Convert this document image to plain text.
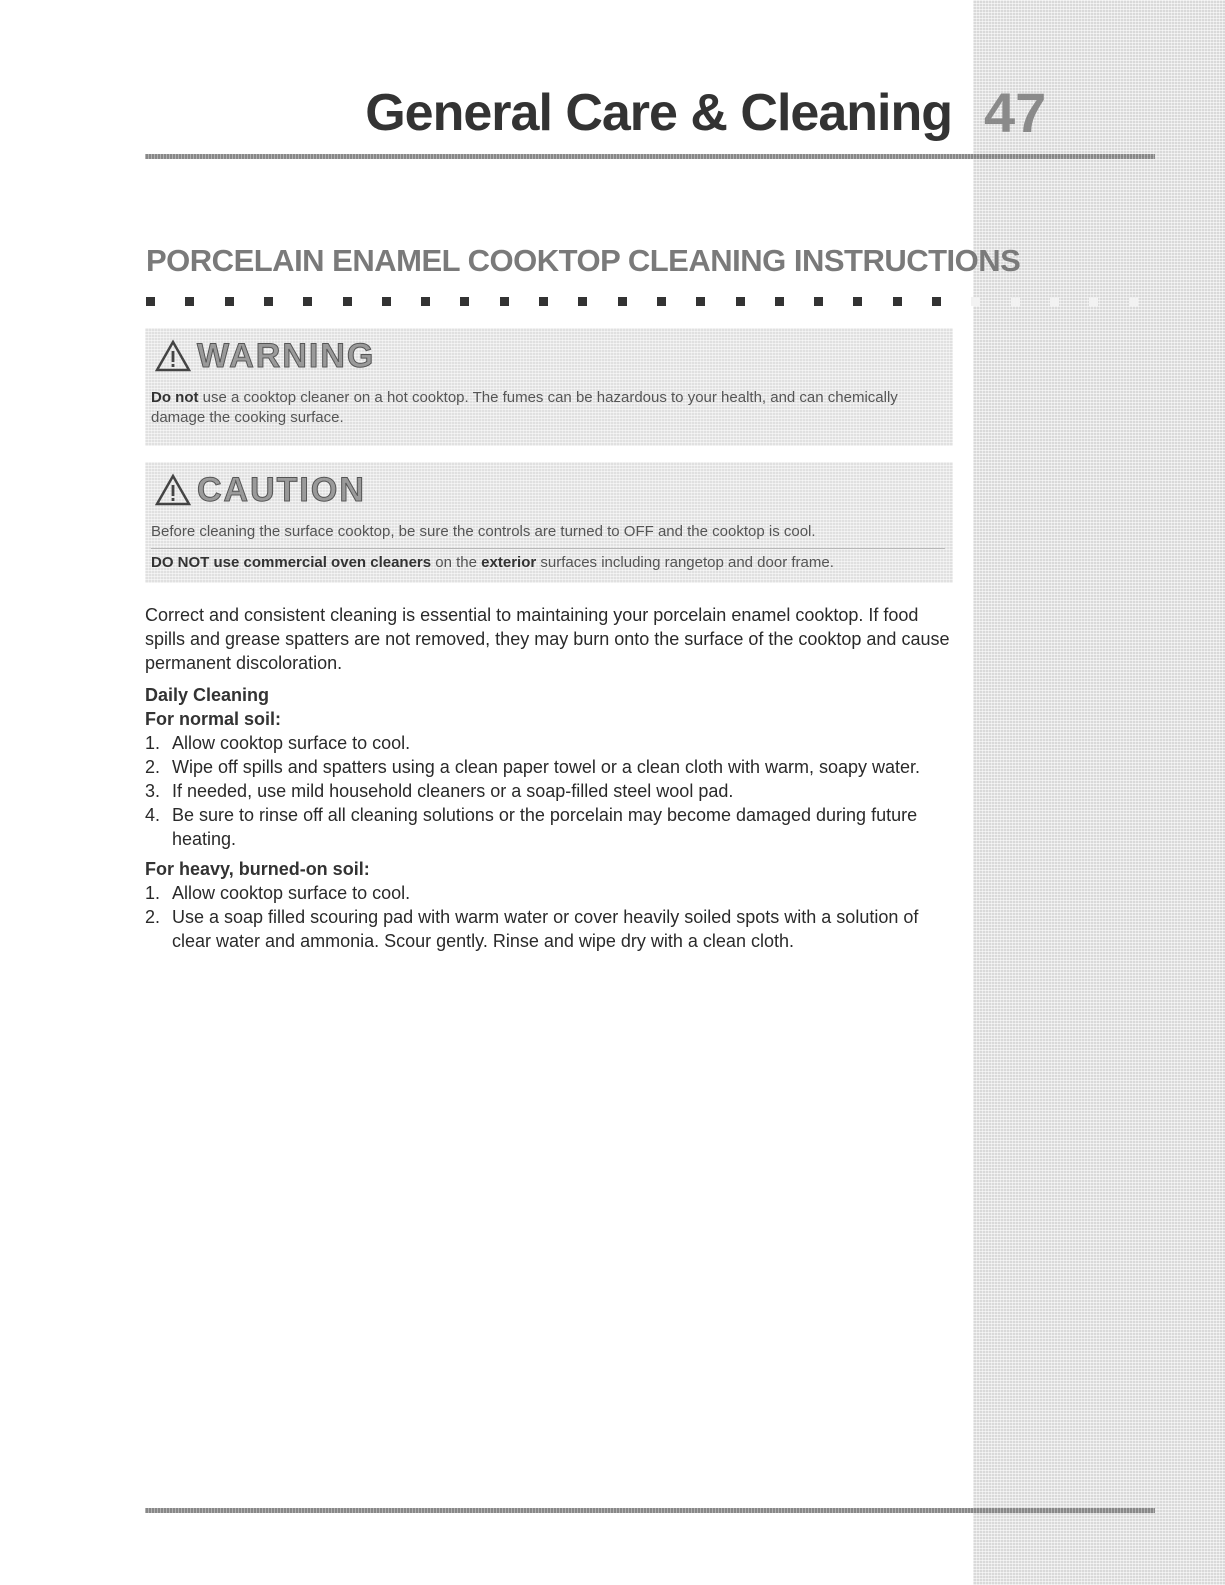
General Care & Cleaning 47
PORCELAIN ENAMEL COOKTOP CLEANING INSTRUCTIONS
WARNING

Do not use a cooktop cleaner on a hot cooktop. The fumes can be hazardous to your health, and can chemically damage the cooking surface.

CAUTION

Before cleaning the surface cooktop, be sure the controls are turned to OFF and the cooktop is cool.

DO NOT use commercial oven cleaners on the exterior surfaces including rangetop and door frame.

Correct and consistent cleaning is essential to maintaining your porcelain enamel cooktop. If food spills and grease spatters are not removed, they may burn onto the surface of the cooktop and cause permanent discoloration.

Daily Cleaning
For normal soil:
1. Allow cooktop surface to cool.
2. Wipe off spills and spatters using a clean paper towel or a clean cloth with warm, soapy water.
3. If needed, use mild household cleaners or a soap-filled steel wool pad.
4. Be sure to rinse off all cleaning solutions or the porcelain may become damaged during future heating.
For heavy, burned-on soil:
1. Allow cooktop surface to cool.
2. Use a soap filled scouring pad with warm water or cover heavily soiled spots with a solution of clear water and ammonia. Scour gently. Rinse and wipe dry with a clean cloth.
